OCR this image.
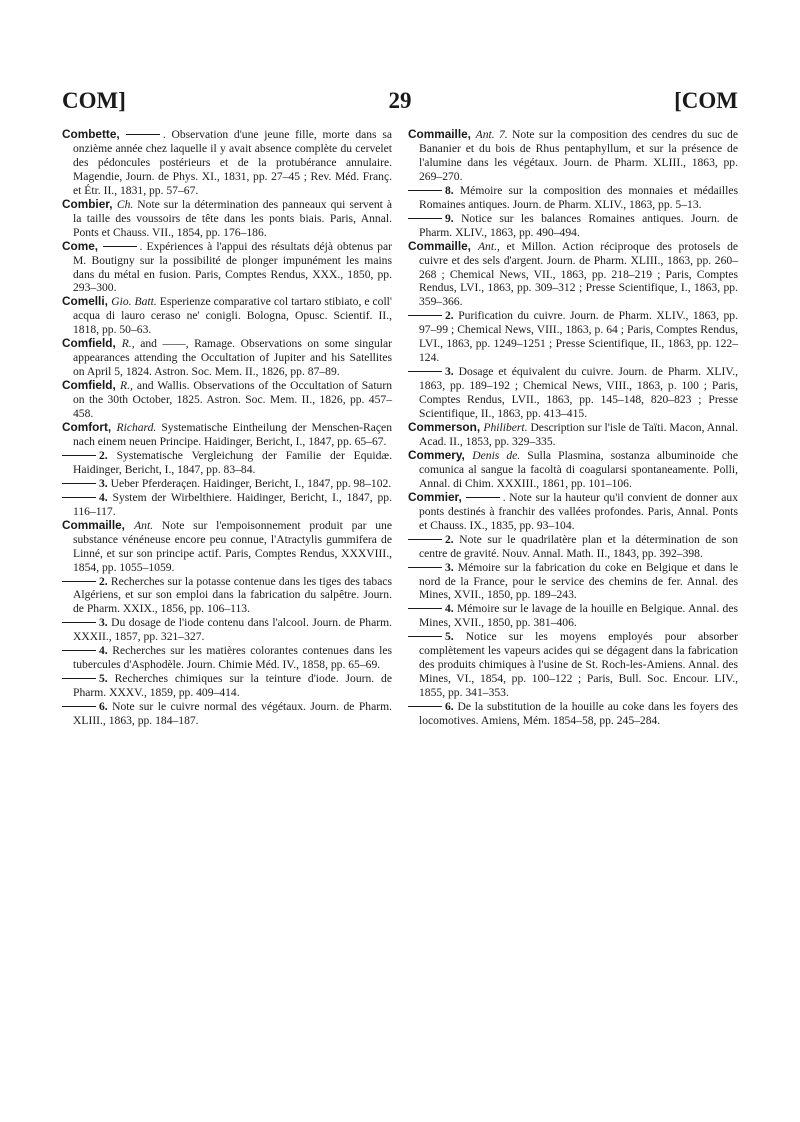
COM]	29	[COM

Combette,	. Observation d'une jeune fille, morte dans sa onzième année chez laquelle il y avait absence complète du cervelet des pédoncules postérieurs et de la protubérance annulaire. Magendie, Journ. de Phys. XI., 1831, pp. 27–45 ; Rev. Méd. Franç. et Étr. II., 1831, pp. 57–67.

Combier, Ch. Note sur la détermination des panneaux qui servent à la taille des voussoirs de tête dans les ponts biais. Paris, Annal. Ponts et Chauss. VII., 1854, pp. 176–186.

Come,	. Expériences à l'appui des résultats déjà obtenus par M. Boutigny sur la possibilité de plonger impunément les mains dans du métal en fusion. Paris, Comptes Rendus, XXX., 1850, pp. 293–300.

Comelli, Gio. Batt. Esperienze comparative col tartaro stibiato, e coll' acqua di lauro ceraso ne' conigli. Bologna, Opusc. Scientif. II., 1818, pp. 50–63.

Comfield, R., and ——, Ramage. Observations on some singular appearances attending the Occultation of Jupiter and his Satellites on April 5, 1824. Astron. Soc. Mem. II., 1826, pp. 87–89.

Comfield, R., and Wallis. Observations of the Occultation of Saturn on the 30th October, 1825. Astron. Soc. Mem. II., 1826, pp. 457–458.

Comfort, Richard. Systematische Eintheilung der Menschen-Raçen nach einem neuen Principe. Haidinger, Bericht, I., 1847, pp. 65–67.

2. Systematische Vergleichung der Familie der Equidæ. Haidinger, Bericht, I., 1847, pp. 83–84.

3. Ueber Pferderaçen. Haidinger, Bericht, I., 1847, pp. 98–102.

4. System der Wirbelthiere. Haidinger, Bericht, I., 1847, pp. 116–117.

Commaille, Ant. Note sur l'empoisonnement produit par une substance vénéneuse encore peu connue, l'Atractylis gummifera de Linné, et sur son principe actif. Paris, Comptes Rendus, XXXVIII., 1854, pp. 1055–1059.

2. Recherches sur la potasse contenue dans les tiges des tabacs Algériens, et sur son emploi dans la fabrication du salpêtre. Journ. de Pharm. XXIX., 1856, pp. 106–113.

3. Du dosage de l'iode contenu dans l'alcool. Journ. de Pharm. XXXII., 1857, pp. 321–327.

4. Recherches sur les matières colorantes contenues dans les tubercules d'Asphodèle. Journ. Chimie Méd. IV., 1858, pp. 65–69.

5. Recherches chimiques sur la teinture d'iode. Journ. de Pharm. XXXV., 1859, pp. 409–414.

6. Note sur le cuivre normal des végétaux. Journ. de Pharm. XLIII., 1863, pp. 184–187.

Commaille, Ant. 7. Note sur la composition des cendres du suc de Bananier et du bois de Rhus pentaphyllum, et sur la présence de l'alumine dans les végétaux. Journ. de Pharm. XLIII., 1863, pp. 269–270.

8. Mémoire sur la composition des monnaies et médailles Romaines antiques. Journ. de Pharm. XLIV., 1863, pp. 5–13.

9. Notice sur les balances Romaines antiques. Journ. de Pharm. XLIV., 1863, pp. 490–494.

Commaille, Ant., et Millon. Action réciproque des protosels de cuivre et des sels d'argent. Journ. de Pharm. XLIII., 1863, pp. 260–268 ; Chemical News, VII., 1863, pp. 218–219 ; Paris, Comptes Rendus, LVI., 1863, pp. 309–312 ; Presse Scientifique, I., 1863, pp. 359–366.

2. Purification du cuivre. Journ. de Pharm. XLIV., 1863, pp. 97–99 ; Chemical News, VIII., 1863, p. 64 ; Paris, Comptes Rendus, LVI., 1863, pp. 1249–1251 ; Presse Scientifique, II., 1863, pp. 122–124.

3. Dosage et équivalent du cuivre. Journ. de Pharm. XLIV., 1863, pp. 189–192 ; Chemical News, VIII., 1863, p. 100 ; Paris, Comptes Rendus, LVII., 1863, pp. 145–148, 820–823 ; Presse Scientifique, II., 1863, pp. 413–415.

Commerson, Philibert. Description sur l'isle de Taïti. Macon, Annal. Acad. II., 1853, pp. 329–335.

Commery, Denis de. Sulla Plasmina, sostanza albuminoide che comunica al sangue la facoltà di coagularsi spontaneamente. Polli, Annal. di Chim. XXXIII., 1861, pp. 101–106.

Commier,	. Note sur la hauteur qu'il convient de donner aux ponts destinés à franchir des vallées profondes. Paris, Annal. Ponts et Chauss. IX., 1835, pp. 93–104.

2. Note sur le quadrilatère plan et la détermination de son centre de gravité. Nouv. Annal. Math. II., 1843, pp. 392–398.

3. Mémoire sur la fabrication du coke en Belgique et dans le nord de la France, pour le service des chemins de fer. Annal. des Mines, XVII., 1850, pp. 189–243.

4. Mémoire sur le lavage de la houille en Belgique. Annal. des Mines, XVII., 1850, pp. 381–406.

5. Notice sur les moyens employés pour absorber complètement les vapeurs acides qui se dégagent dans la fabrication des produits chimiques à l'usine de St. Roch-les-Amiens. Annal. des Mines, VI., 1854, pp. 100–122 ; Paris, Bull. Soc. Encour. LIV., 1855, pp. 341–353.

6. De la substitution de la houille au coke dans les foyers des locomotives. Amiens, Mém. 1854–58, pp. 245–284.
